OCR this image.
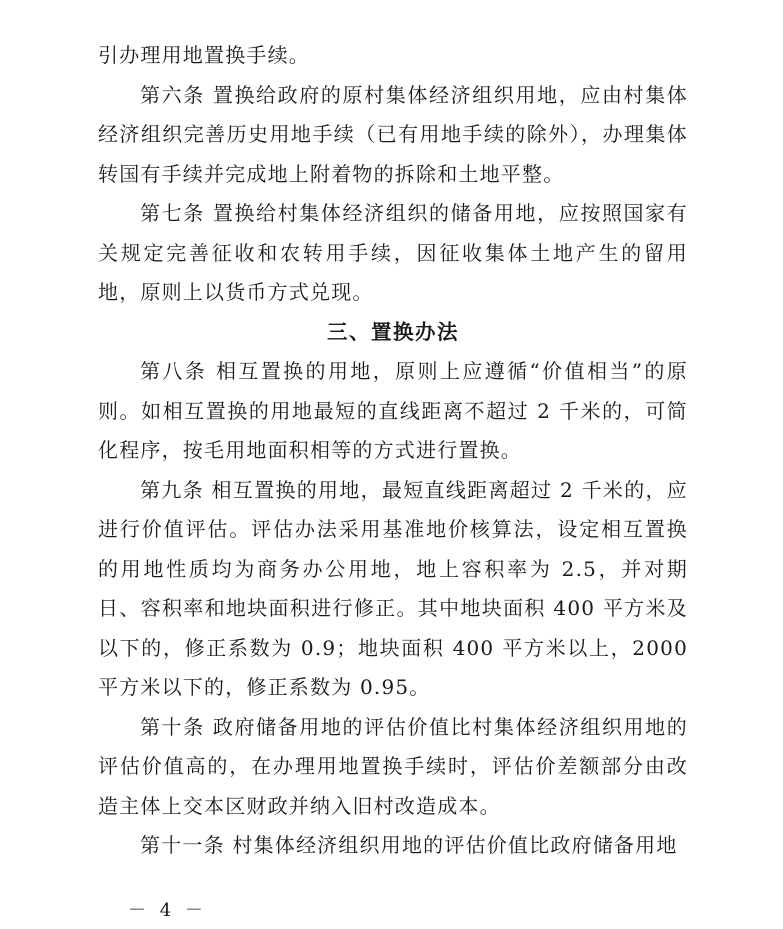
引办理用地置换手续。

第六条 置换给政府的原村集体经济组织用地，应由村集体经济组织完善历史用地手续（已有用地手续的除外），办理集体转国有手续并完成地上附着物的拆除和土地平整。

第七条 置换给村集体经济组织的储备用地，应按照国家有关规定完善征收和农转用手续，因征收集体土地产生的留用地，原则上以货币方式兑现。

三、置换办法

第八条 相互置换的用地，原则上应遵循“价值相当”的原则。如相互置换的用地最短的直线距离不超过 2 千米的，可简化程序，按毛用地面积相等的方式进行置换。

第九条 相互置换的用地，最短直线距离超过 2 千米的，应进行价值评估。评估办法采用基准地价核算法，设定相互置换的用地性质均为商务办公用地，地上容积率为 2.5，并对期日、容积率和地块面积进行修正。其中地块面积 400 平方米及以下的，修正系数为 0.9；地块面积 400 平方米以上，2000 平方米以下的，修正系数为 0.95。

第十条 政府储备用地的评估价值比村集体经济组织用地的评估价值高的，在办理用地置换手续时，评估价差额部分由改造主体上交本区财政并纳入旧村改造成本。

第十一条 村集体经济组织用地的评估价值比政府储备用地

－ 4 －
